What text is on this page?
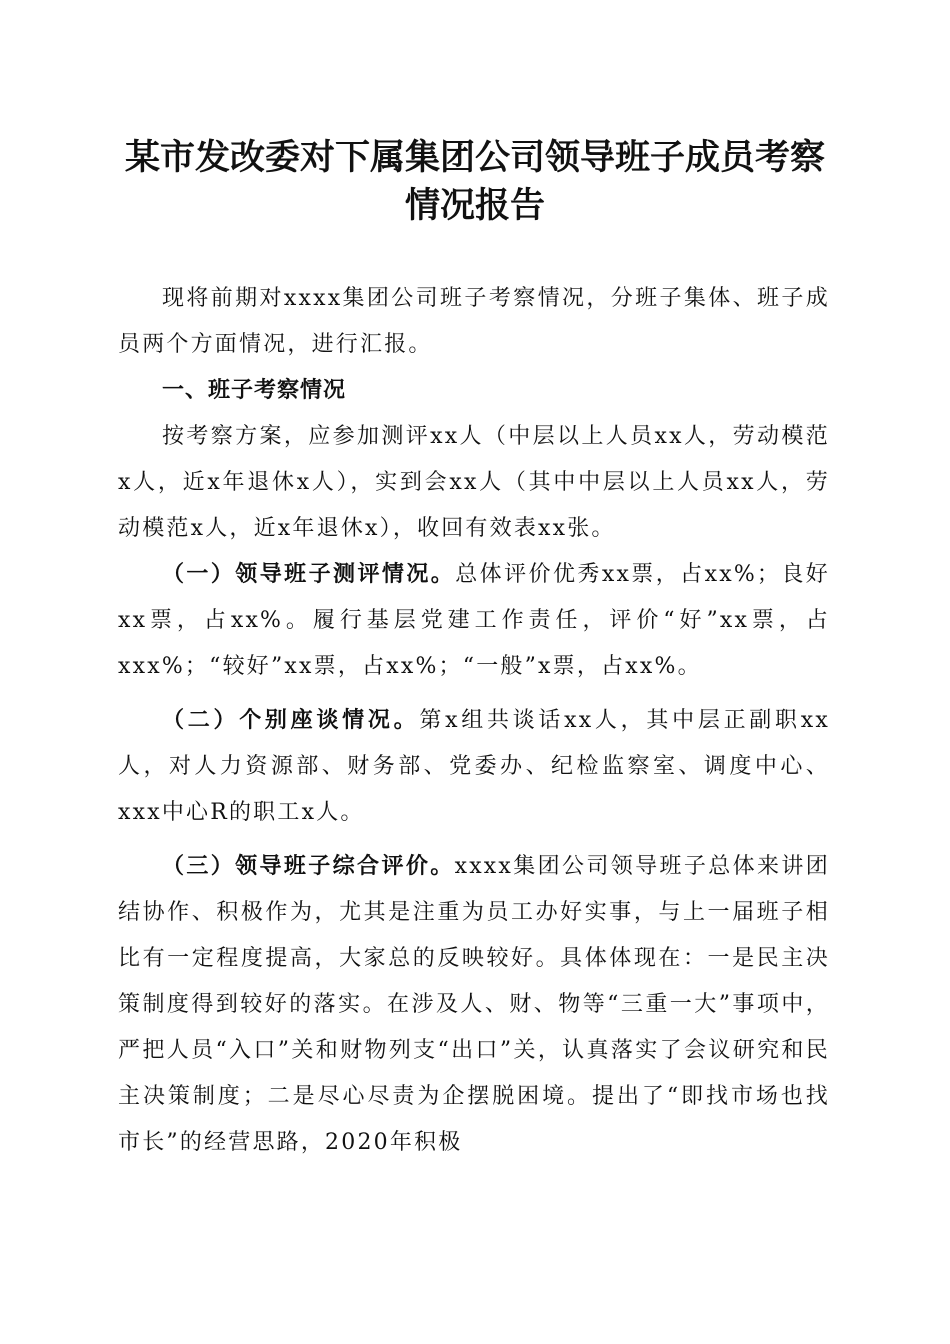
某市发改委对下属集团公司领导班子成员考察
情况报告

现将前期对xxxx集团公司班子考察情况，分班子集体、班子成员两个方面情况，进行汇报。

一、班子考察情况

按考察方案，应参加测评xx人（中层以上人员xx人，劳动模范x人，近x年退休x人），实到会xx人（其中中层以上人员xx人，劳动模范x人，近x年退休x），收回有效表xx张。

（一）领导班子测评情况。总体评价优秀xx票，占xx%；良好xx票，占xx%。履行基层党建工作责任，评价“好”xx票，占xxx%；“较好”xx票，占xx%；“一般”x票，占xx%。

（二）个别座谈情况。第x组共谈话xx人，其中层正副职xx人，对人力资源部、财务部、党委办、纪检监察室、调度中心、xxx中心R的职工x人。

（三）领导班子综合评价。xxxx集团公司领导班子总体来讲团结协作、积极作为，尤其是注重为员工办好实事，与上一届班子相比有一定程度提高，大家总的反映较好。具体体现在：一是民主决策制度得到较好的落实。在涉及人、财、物等“三重一大”事项中，严把人员“入口”关和财物列支“出口”关，认真落实了会议研究和民主决策制度；二是尽心尽责为企摆脱困境。提出了“即找市场也找市长”的经营思路，2020年积极
